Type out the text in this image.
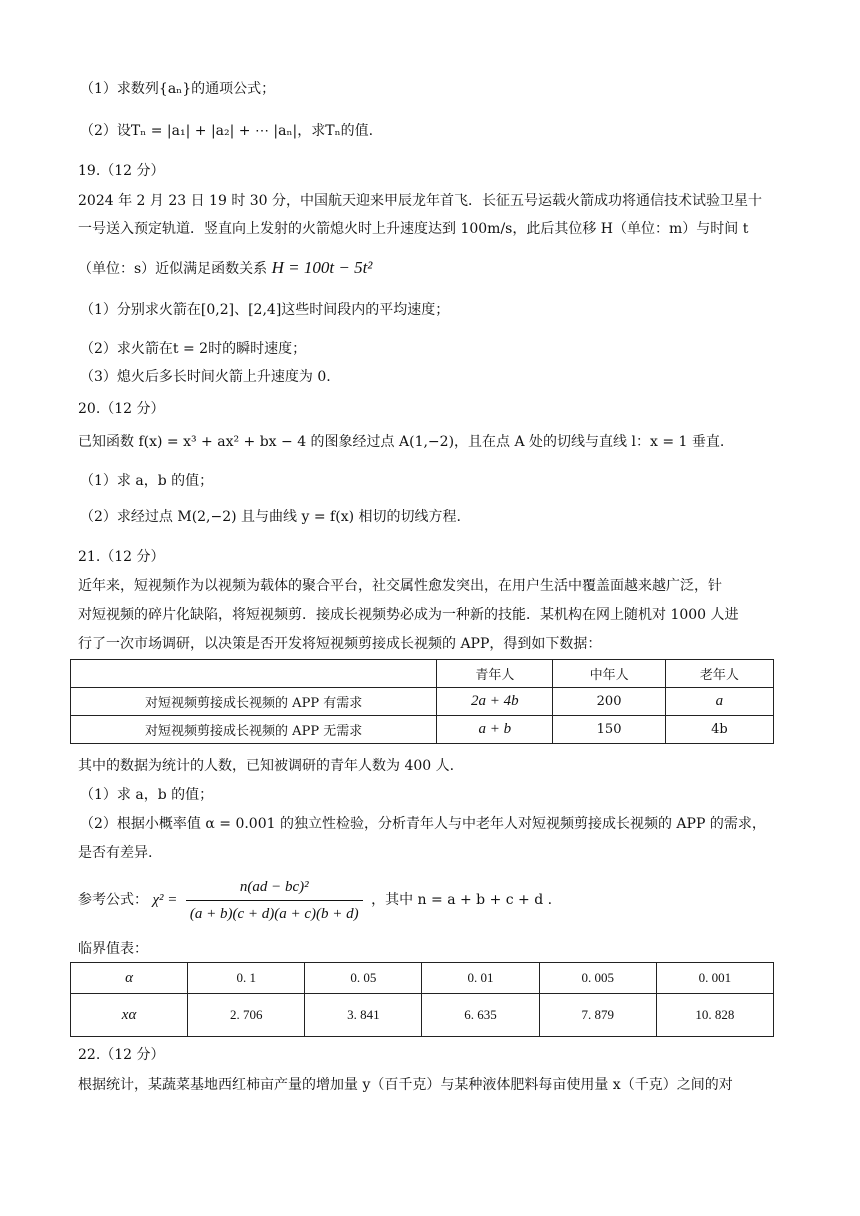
（1）求数列{aₙ}的通项公式；
（2）设Tₙ = |a₁| + |a₂| + ⋯ |aₙ|，求Tₙ的值.
19.（12 分）
2024 年 2 月 23 日 19 时 30 分，中国航天迎来甲辰龙年首飞．长征五号运载火箭成功将通信技术试验卫星十
一号送入预定轨道．竖直向上发射的火箭熄火时上升速度达到 100m/s，此后其位移 H（单位：m）与时间 t
（单位：s）近似满足函数关系 H = 100t − 5t²
（1）分别求火箭在[0,2]、[2,4]这些时间段内的平均速度；
（2）求火箭在t = 2时的瞬时速度；
（3）熄火后多长时间火箭上升速度为 0.
20.（12 分）
已知函数 f(x) = x³ + ax² + bx − 4 的图象经过点 A(1,−2)，且在点 A 处的切线与直线 l：x = 1 垂直.
（1）求 a，b 的值；
（2）求经过点 M(2,−2) 且与曲线 y = f(x) 相切的切线方程.
21.（12 分）
近年来，短视频作为以视频为载体的聚合平台，社交属性愈发突出，在用户生活中覆盖面越来越广泛，针
对短视频的碎片化缺陷，将短视频剪．接成长视频势必成为一种新的技能．某机构在网上随机对 1000 人进
行了一次市场调研，以决策是否开发将短视频剪接成长视频的 APP，得到如下数据：
	青年人	中年人	老年人
对短视频剪接成长视频的 APP 有需求	2a + 4b	200	a
对短视频剪接成长视频的 APP 无需求	a + b	150	4b
其中的数据为统计的人数，已知被调研的青年人数为 400 人.
（1）求 a，b 的值；
（2）根据小概率值 α = 0.001 的独立性检验，分析青年人与中老年人对短视频剪接成长视频的 APP 的需求，
是否有差异.
参考公式： $\chi^2 = \frac{\text{n(ad − bc)²}}{(a + b)(c + d)(a + c)(b + d)}$ ，其中 n = a + b + c + d .
临界值表：
α	0. 1	0. 05	0. 01	0. 005	0. 001
xα	2. 706	3. 841	6. 635	7. 879	10. 828
22.（12 分）
根据统计，某蔬菜基地西红柿亩产量的增加量 y（百千克）与某种液体肥料每亩使用量 x（千克）之间的对
